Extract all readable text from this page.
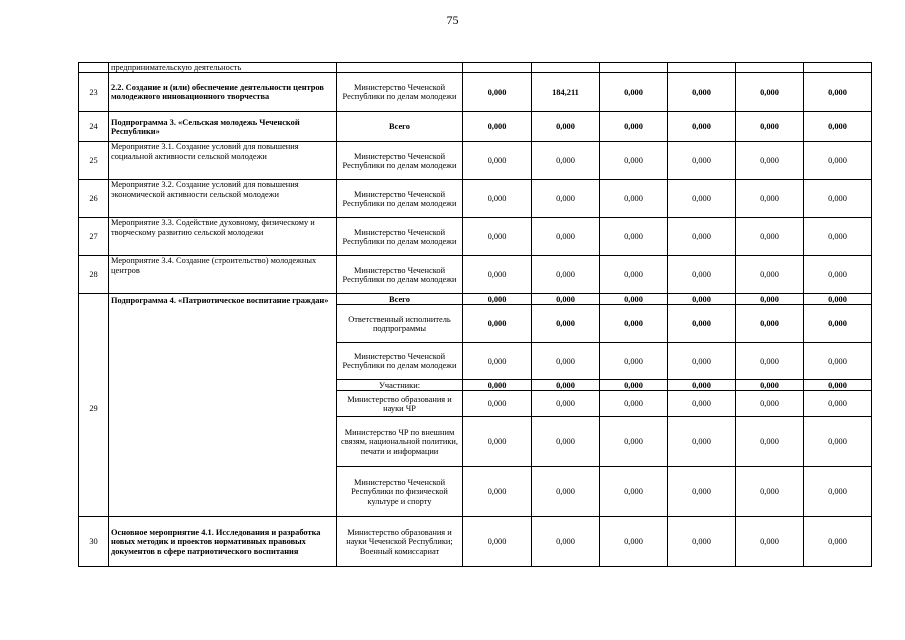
75
	предпринимательскую деятельность							
23	2.2. Создание и (или) обеспечение деятельности центров молодежного инновационного творчества	Министерство Чеченской Республики по делам молодежи	0,000	184,211	0,000	0,000	0,000	0,000
24	Подпрограмма 3. «Сельская молодежь Чеченской Республики»	Всего	0,000	0,000	0,000	0,000	0,000	0,000
25	Мероприятие 3.1. Создание условий для повышения социальной активности сельской молодежи	Министерство Чеченской Республики по делам молодежи	0,000	0,000	0,000	0,000	0,000	0,000
26	Мероприятие 3.2. Создание условий для повышения экономической активности сельской молодежи	Министерство Чеченской Республики по делам молодежи	0,000	0,000	0,000	0,000	0,000	0,000
27	Мероприятие 3.3. Содействие духовному, физическому и творческому развитию сельской молодежи	Министерство Чеченской Республики по делам молодежи	0,000	0,000	0,000	0,000	0,000	0,000
28	Мероприятие 3.4. Создание (строительство) молодежных центров	Министерство Чеченской Республики по делам молодежи	0,000	0,000	0,000	0,000	0,000	0,000
29	Подпрограмма 4. «Патриотическое воспитание граждан»	Всего	0,000	0,000	0,000	0,000	0,000	0,000
		Ответственный исполнитель подпрограммы	0,000	0,000	0,000	0,000	0,000	0,000
		Министерство Чеченской Республики по делам молодежи	0,000	0,000	0,000	0,000	0,000	0,000
		Участники:	0,000	0,000	0,000	0,000	0,000	0,000
		Министерство образования и науки ЧР	0,000	0,000	0,000	0,000	0,000	0,000
		Министерство ЧР по внешним связям, национальной политики, печати и информации	0,000	0,000	0,000	0,000	0,000	0,000
		Министерство Чеченской Республики по физической культуре и спорту	0,000	0,000	0,000	0,000	0,000	0,000
30	Основное мероприятие 4.1. Исследования и разработка новых методик и проектов нормативных правовых документов в сфере патриотического воспитания	Министерство образования и науки Чеченской Республики; Военный комиссариат	0,000	0,000	0,000	0,000	0,000	0,000
